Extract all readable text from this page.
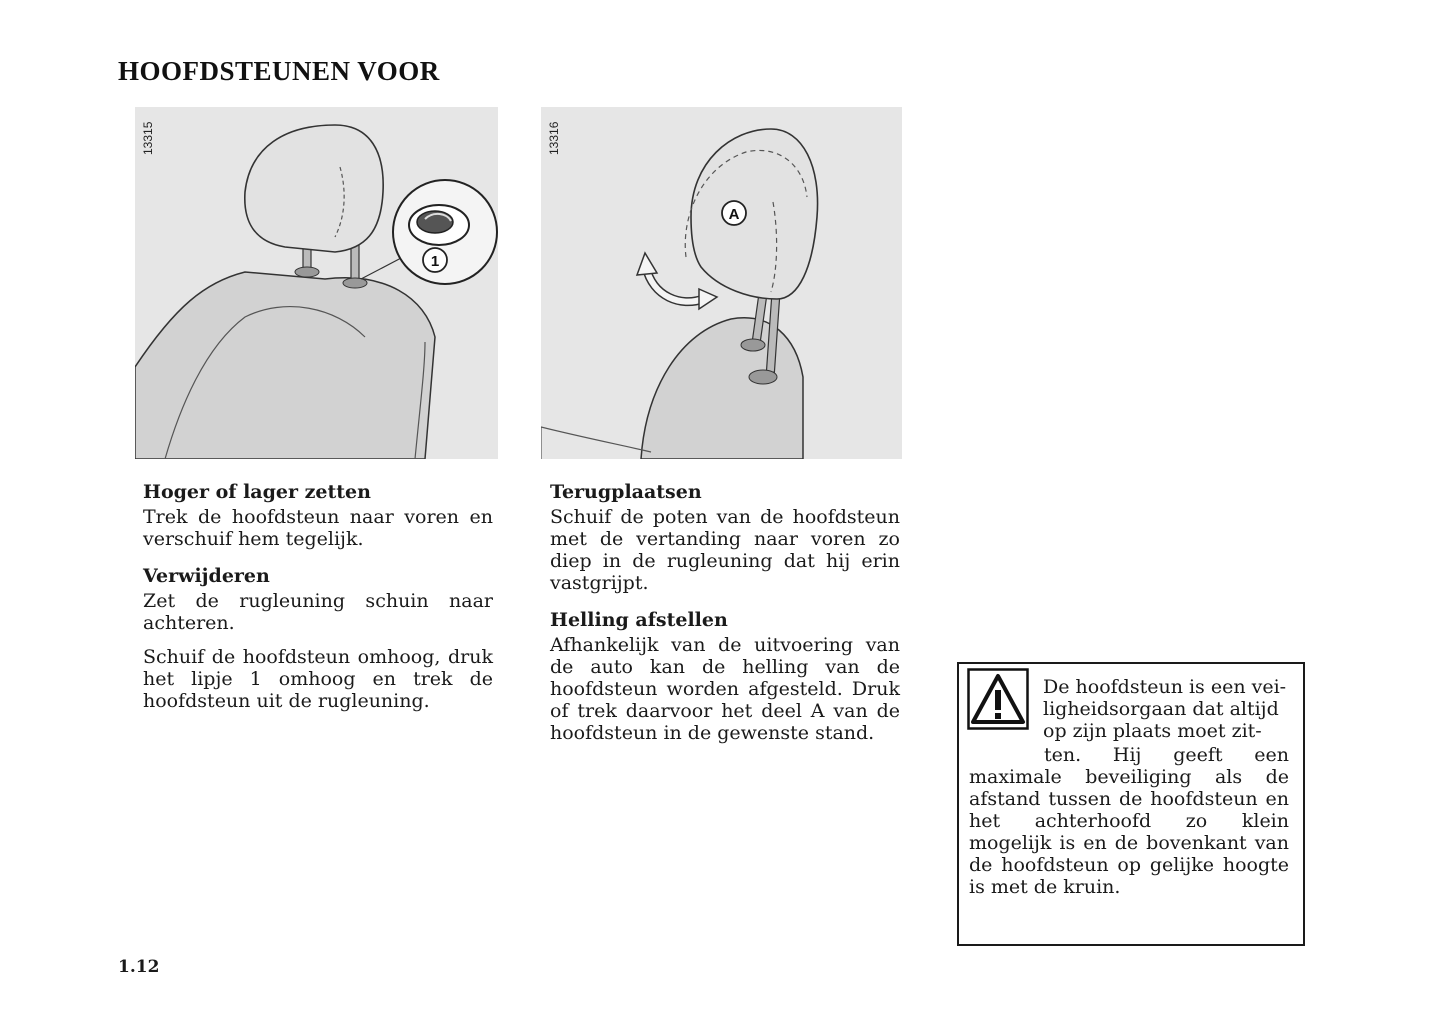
HOOFDSTEUNEN VOOR
1
13315
A
13316
Hoger of lager zetten

Trek de hoofdsteun naar voren en verschuif hem tegelijk.

Verwijderen

Zet de rugleuning schuin naar achteren.

Schuif de hoofdsteun omhoog, druk het lipje 1 omhoog en trek de hoofdsteun uit de rugleuning.

Terugplaatsen

Schuif de poten van de hoofdsteun met de vertanding naar voren zo diep in de rugleuning dat hij erin vastgrijpt.

Helling afstellen

Afhankelijk van de uitvoering van de auto kan de helling van de hoofdsteun worden afgesteld. Druk of trek daarvoor het deel A van de hoofdsteun in de gewenste stand.

De hoofdsteun is een vei-
ligheidsorgaan dat altijd
op zijn plaats moet zit-
ten. Hij geeft een maximale beveiliging als de afstand tussen de hoofdsteun en het achterhoofd zo klein mogelijk is en de bovenkant van de hoofdsteun op gelijke hoogte is met de kruin.
1.12
